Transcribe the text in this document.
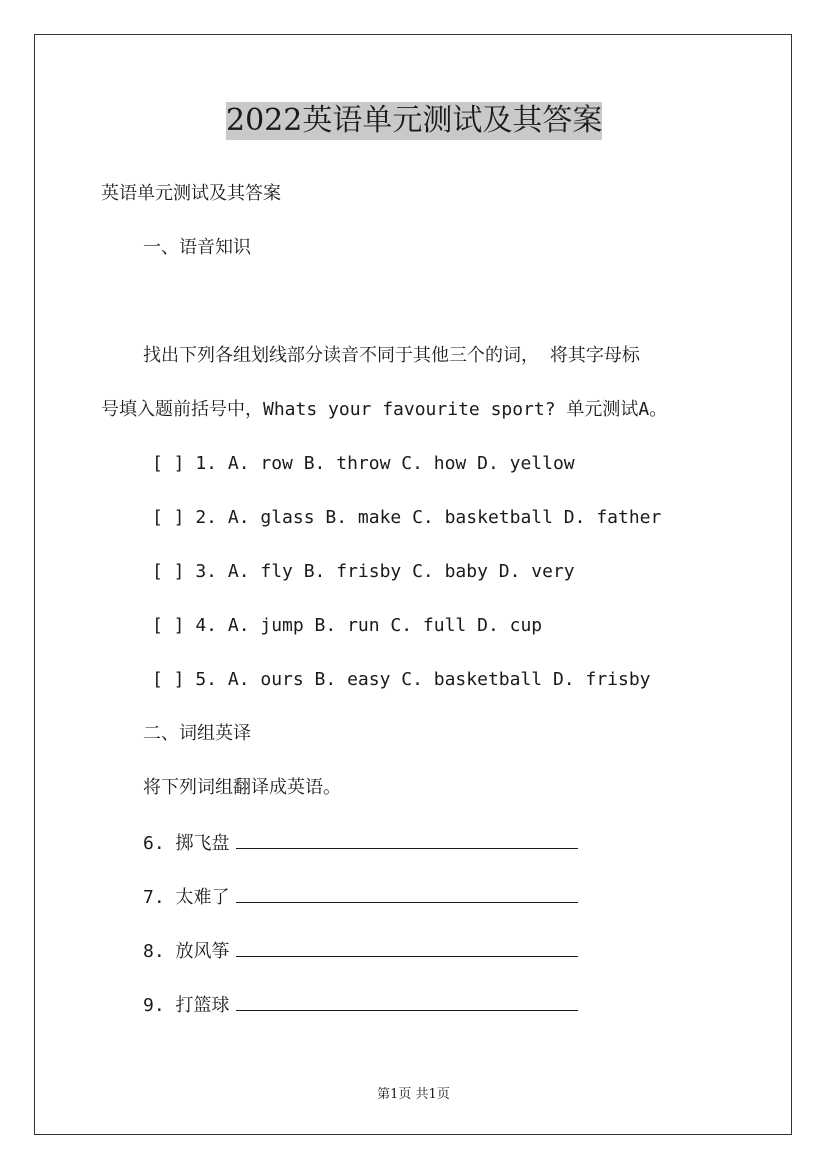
2022英语单元测试及其答案
英语单元测试及其答案
一、语音知识
找出下列各组划线部分读音不同于其他三个的词， 将其字母标
号填入题前括号中，Whats your favourite sport? 单元测试A。
[ ] 1. A. row B. throw C. how D. yellow
[ ] 2. A. glass B. make C. basketball D. father
[ ] 3. A. fly B. frisby C. baby D. very
[ ] 4. A. jump B. run C. full D. cup
[ ] 5. A. ours B. easy C. basketball D. frisby
二、词组英译
将下列词组翻译成英语。
6. 掷飞盘
7. 太难了
8. 放风筝
9. 打篮球
第1页 共1页
